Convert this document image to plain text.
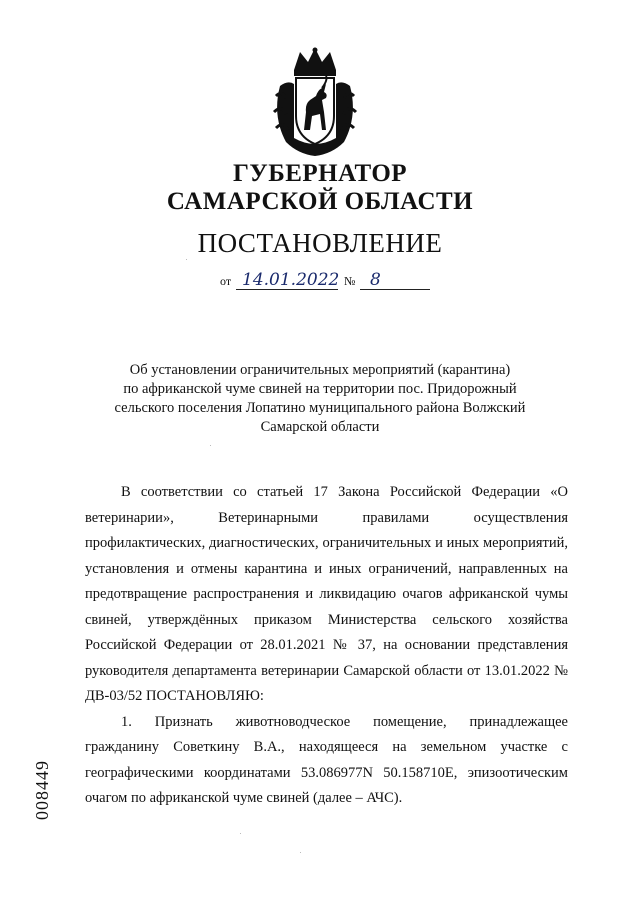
ГУБЕРНАТОР
САМАРСКОЙ ОБЛАСТИ
ПОСТАНОВЛЕНИЕ
от 14.01.2022 № 8
Об установлении ограничительных мероприятий (карантина)
по африканской чуме свиней на территории пос. Придорожный
сельского поселения Лопатино муниципального района Волжский
Самарской области

В соответствии со статьей 17 Закона Российской Федерации «О ветеринарии», Ветеринарными правилами осуществления профилактических, диагностических, ограничительных и иных мероприятий, установления и отмены карантина и иных ограничений, направленных на предотвращение распространения и ликвидацию очагов африканской чумы свиней, утверждённых приказом Министерства сельского хозяйства Российской Федерации от 28.01.2021 № 37, на основании представления руководителя департамента ветеринарии Самарской области от 13.01.2022 № ДВ-03/52 ПОСТАНОВЛЯЮ:

1. Признать животноводческое помещение, принадлежащее гражданину Советкину В.А., находящееся на земельном участке с географическими координатами 53.086977N 50.158710E, эпизоотическим очагом по африканской чуме свиней (далее – АЧС).

008449
